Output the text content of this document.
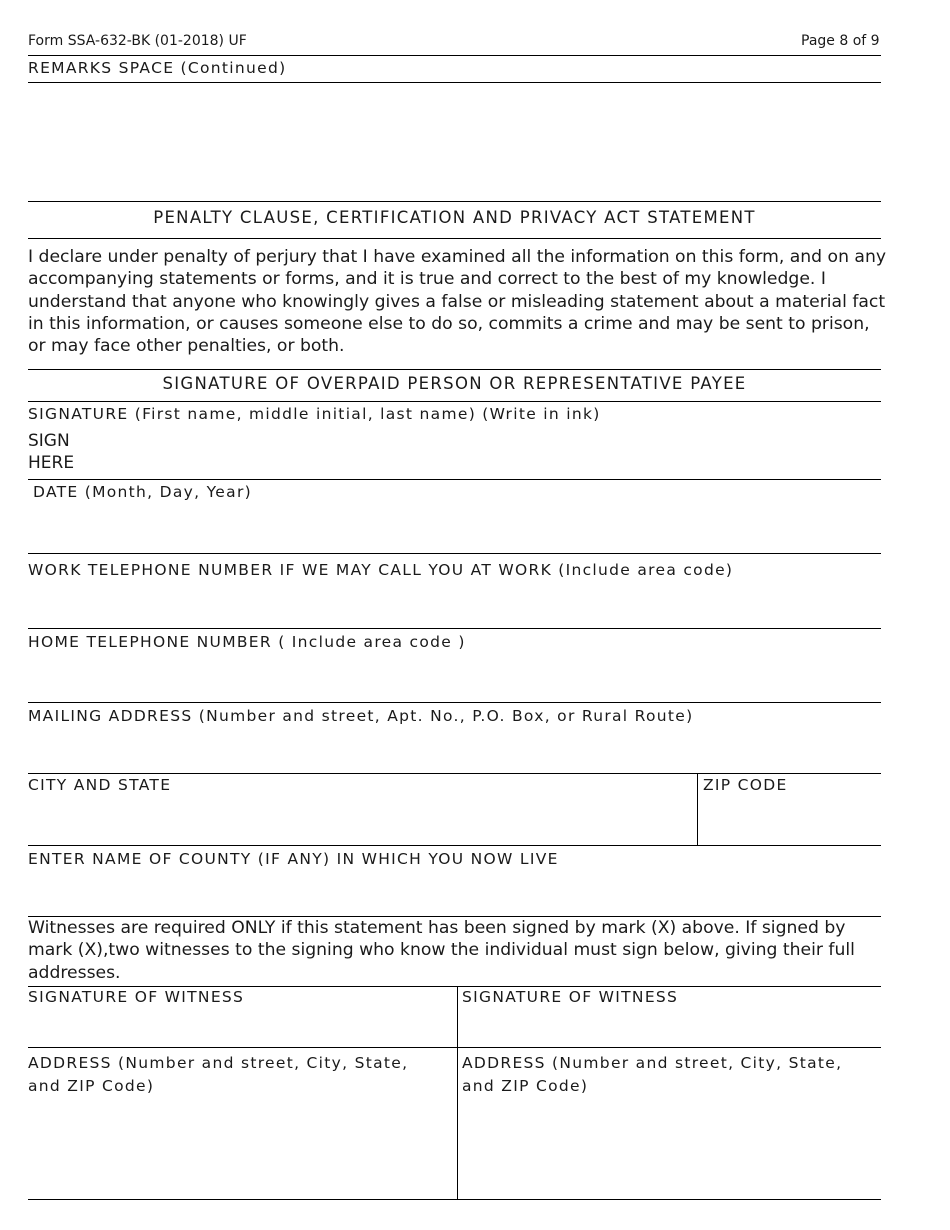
Form SSA-632-BK (01-2018) UF	Page 8 of 9
REMARKS SPACE (Continued)
PENALTY CLAUSE, CERTIFICATION AND PRIVACY ACT STATEMENT
I declare under penalty of perjury that I have examined all the information on this form, and on any accompanying statements or forms, and it is true and correct to the best of my knowledge. I understand that anyone who knowingly gives a false or misleading statement about a material fact in this information, or causes someone else to do so, commits a crime and may be sent to prison, or may face other penalties, or both.
SIGNATURE OF OVERPAID PERSON OR REPRESENTATIVE PAYEE
SIGNATURE (First name, middle initial, last name) (Write in ink)
SIGN
HERE
DATE (Month, Day, Year)
WORK TELEPHONE NUMBER IF WE MAY CALL YOU AT WORK (Include area code)
HOME TELEPHONE NUMBER ( Include area code )
MAILING ADDRESS (Number and street, Apt. No., P.O. Box, or Rural Route)
CITY AND STATE	ZIP CODE
ENTER NAME OF COUNTY (IF ANY) IN WHICH YOU NOW LIVE
Witnesses are required ONLY if this statement has been signed by mark (X) above. If signed by mark (X),two witnesses to the signing who know the individual must sign below, giving their full addresses.
SIGNATURE OF WITNESS	SIGNATURE OF WITNESS
ADDRESS (Number and street, City, State,
and ZIP Code)
ADDRESS (Number and street, City, State,
and ZIP Code)
